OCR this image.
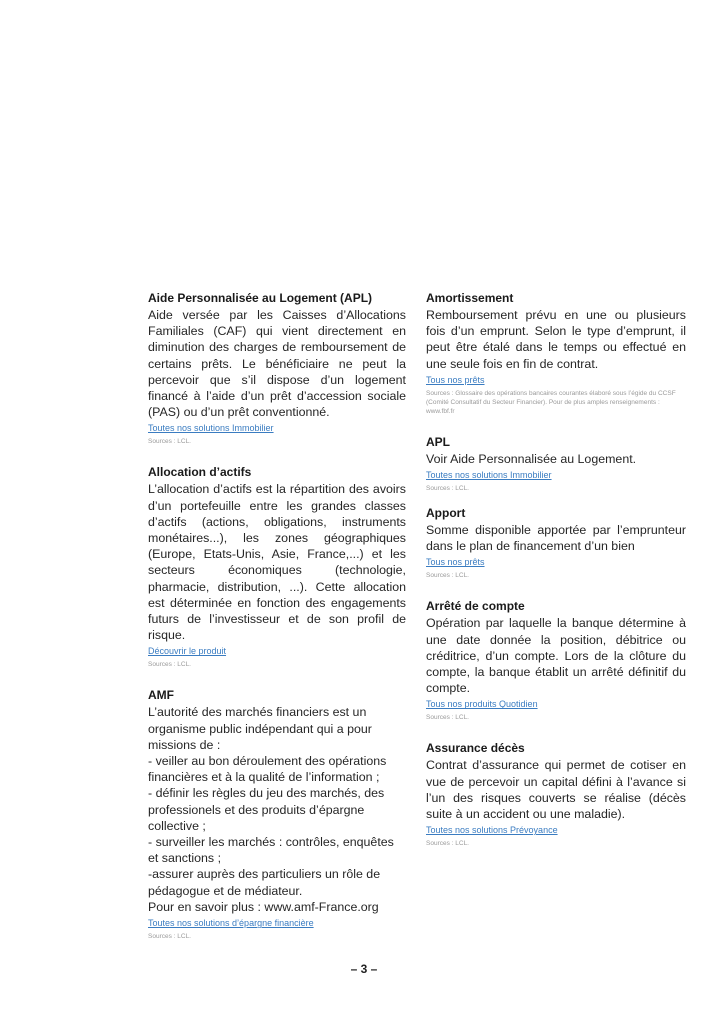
Aide Personnalisée au Logement (APL)

Aide versée par les Caisses d’Allocations Familiales (CAF) qui vient directement en diminution des charges de remboursement de certains prêts. Le bénéficiaire ne peut la percevoir que s’il dispose d’un logement financé à l’aide d’un prêt d’accession sociale (PAS) ou d’un prêt conventionné.

Toutes nos solutions Immobilier
Sources : LCL.
Allocation d’actifs

L’allocation d’actifs est la répartition des avoirs d’un portefeuille entre les grandes classes d’actifs (actions, obligations, instruments monétaires...), les zones géographiques (Europe, Etats-Unis, Asie, France,...) et les secteurs économiques (technologie, pharmacie, distribution, ...). Cette allocation est déterminée en fonction des engagements futurs de l’investisseur et de son profil de risque.

Découvrir le produit
Sources : LCL.
AMF

L’autorité des marchés financiers est un organisme public indépendant qui a pour missions de :
- veiller au bon déroulement des opérations financières et à la qualité de l’information ;
- définir les règles du jeu des marchés, des professionels et des produits d’épargne collective ;
- surveiller les marchés : contrôles, enquêtes et sanctions ;
-assurer auprès des particuliers un rôle de pédagogue et de médiateur.
Pour en savoir plus : www.amf-France.org

Toutes nos solutions d’épargne financière
Sources : LCL.
Amortissement

Remboursement prévu en une ou plusieurs fois d’un emprunt. Selon le type d’emprunt, il peut être étalé dans le temps ou effectué en une seule fois en fin de contrat.

Tous nos prêts
Sources : Glossaire des opérations bancaires courantes élaboré sous l’égide du CCSF (Comité Consultatif du Secteur Financier). Pour de plus amples renseignements : www.fbf.fr
APL

Voir Aide Personnalisée au Logement.

Toutes nos solutions Immobilier
Sources : LCL.
Apport

Somme disponible apportée par l’emprunteur dans le plan de financement d’un bien

Tous nos prêts
Sources : LCL.
Arrêté de compte

Opération par laquelle la banque détermine à une date donnée la position, débitrice ou créditrice, d’un compte. Lors de la clôture du compte, la banque établit un arrêté définitif du compte.

Tous nos produits Quotidien
Sources : LCL.
Assurance décès

Contrat d’assurance qui permet de cotiser en vue de percevoir un capital défini à l’avance si l’un des risques couverts se réalise (décès suite à un accident ou une maladie).

Toutes nos solutions Prévoyance
Sources : LCL.
– 3 –
